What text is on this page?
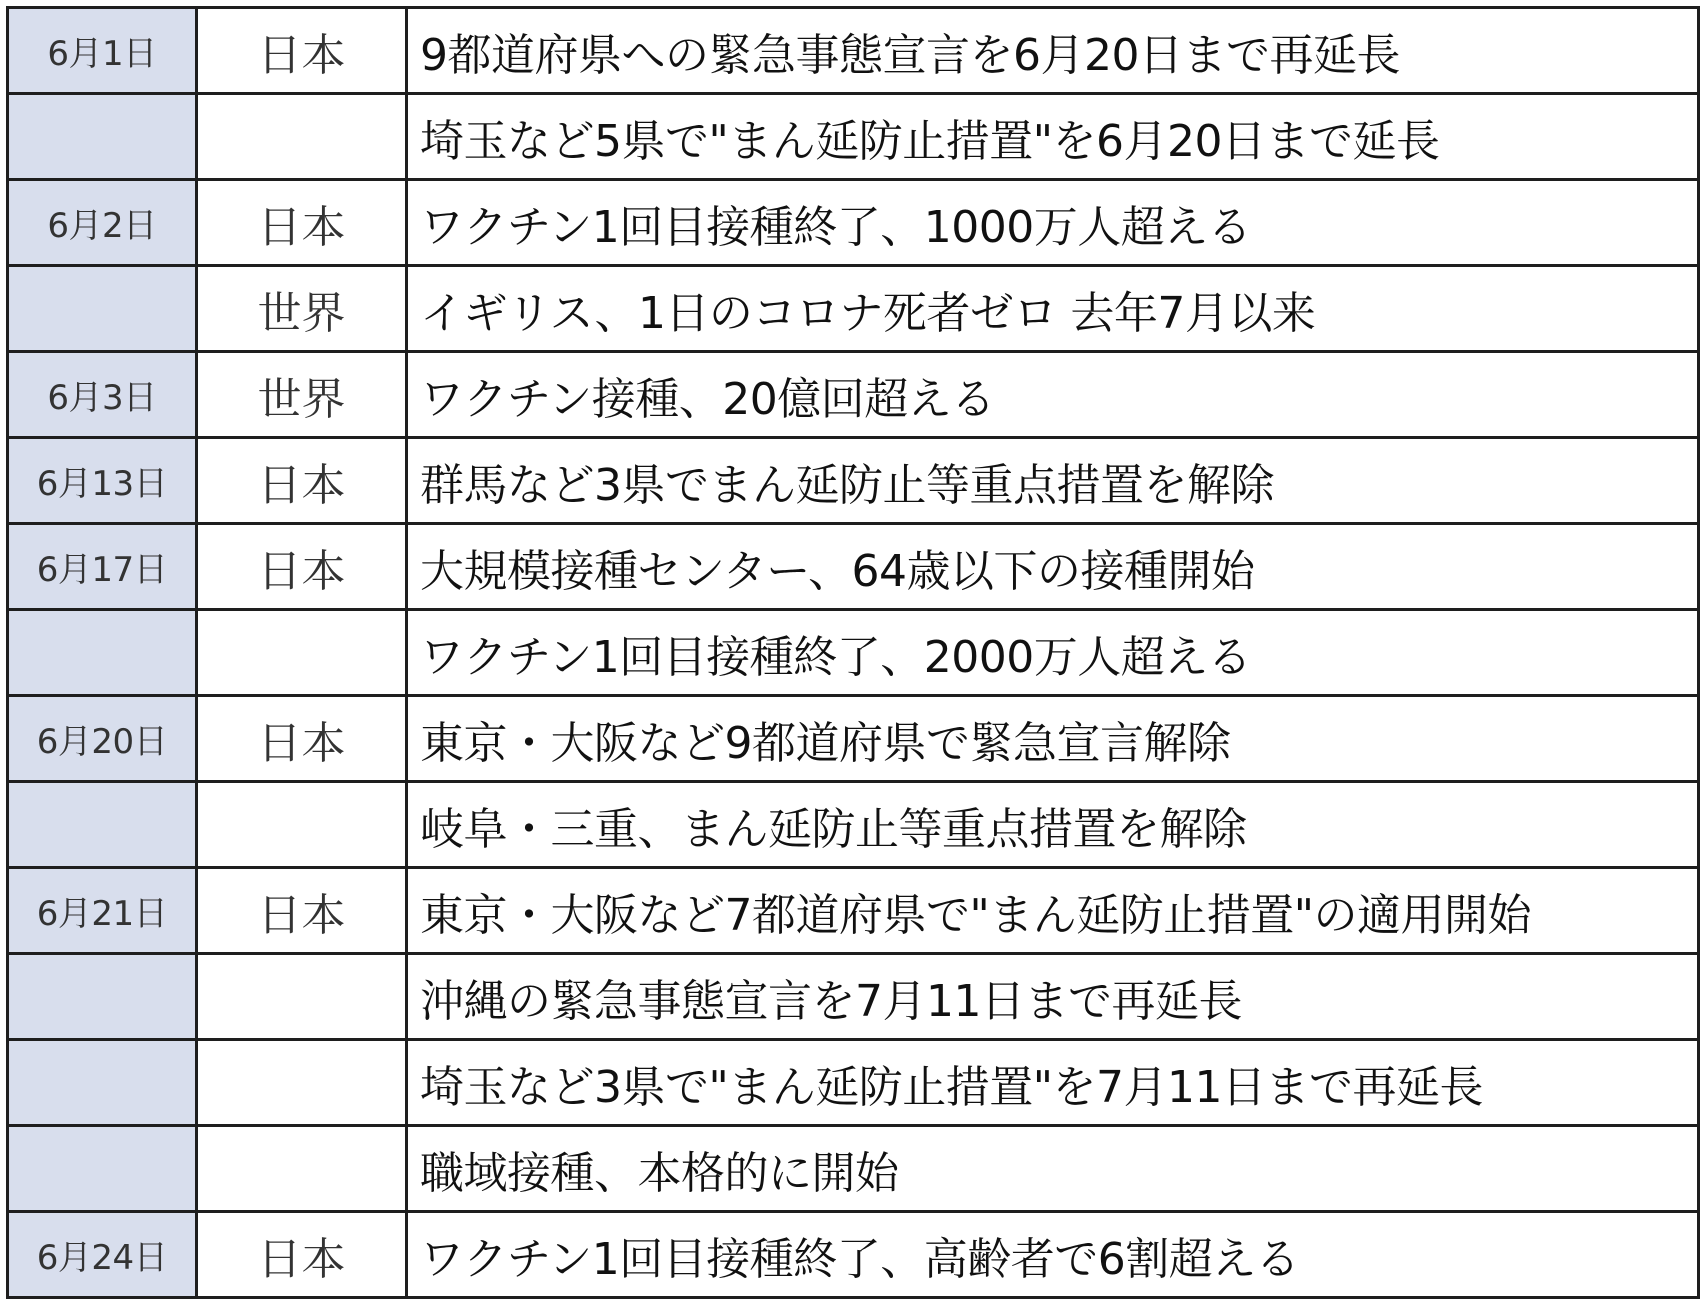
6月1日	日本	9都道府県への緊急事態宣言を6月20日まで再延長
		埼玉など5県で"まん延防止措置"を6月20日まで延長
6月2日	日本	ワクチン1回目接種終了、1000万人超える
	世界	イギリス、1日のコロナ死者ゼロ 去年7月以来
6月3日	世界	ワクチン接種、20億回超える
6月13日	日本	群馬など3県でまん延防止等重点措置を解除
6月17日	日本	大規模接種センター、64歳以下の接種開始
		ワクチン1回目接種終了、2000万人超える
6月20日	日本	東京・大阪など9都道府県で緊急宣言解除
		岐阜・三重、まん延防止等重点措置を解除
6月21日	日本	東京・大阪など7都道府県で"まん延防止措置"の適用開始
		沖縄の緊急事態宣言を7月11日まで再延長
		埼玉など3県で"まん延防止措置"を7月11日まで再延長
		職域接種、本格的に開始
6月24日	日本	ワクチン1回目接種終了、高齢者で6割超える
